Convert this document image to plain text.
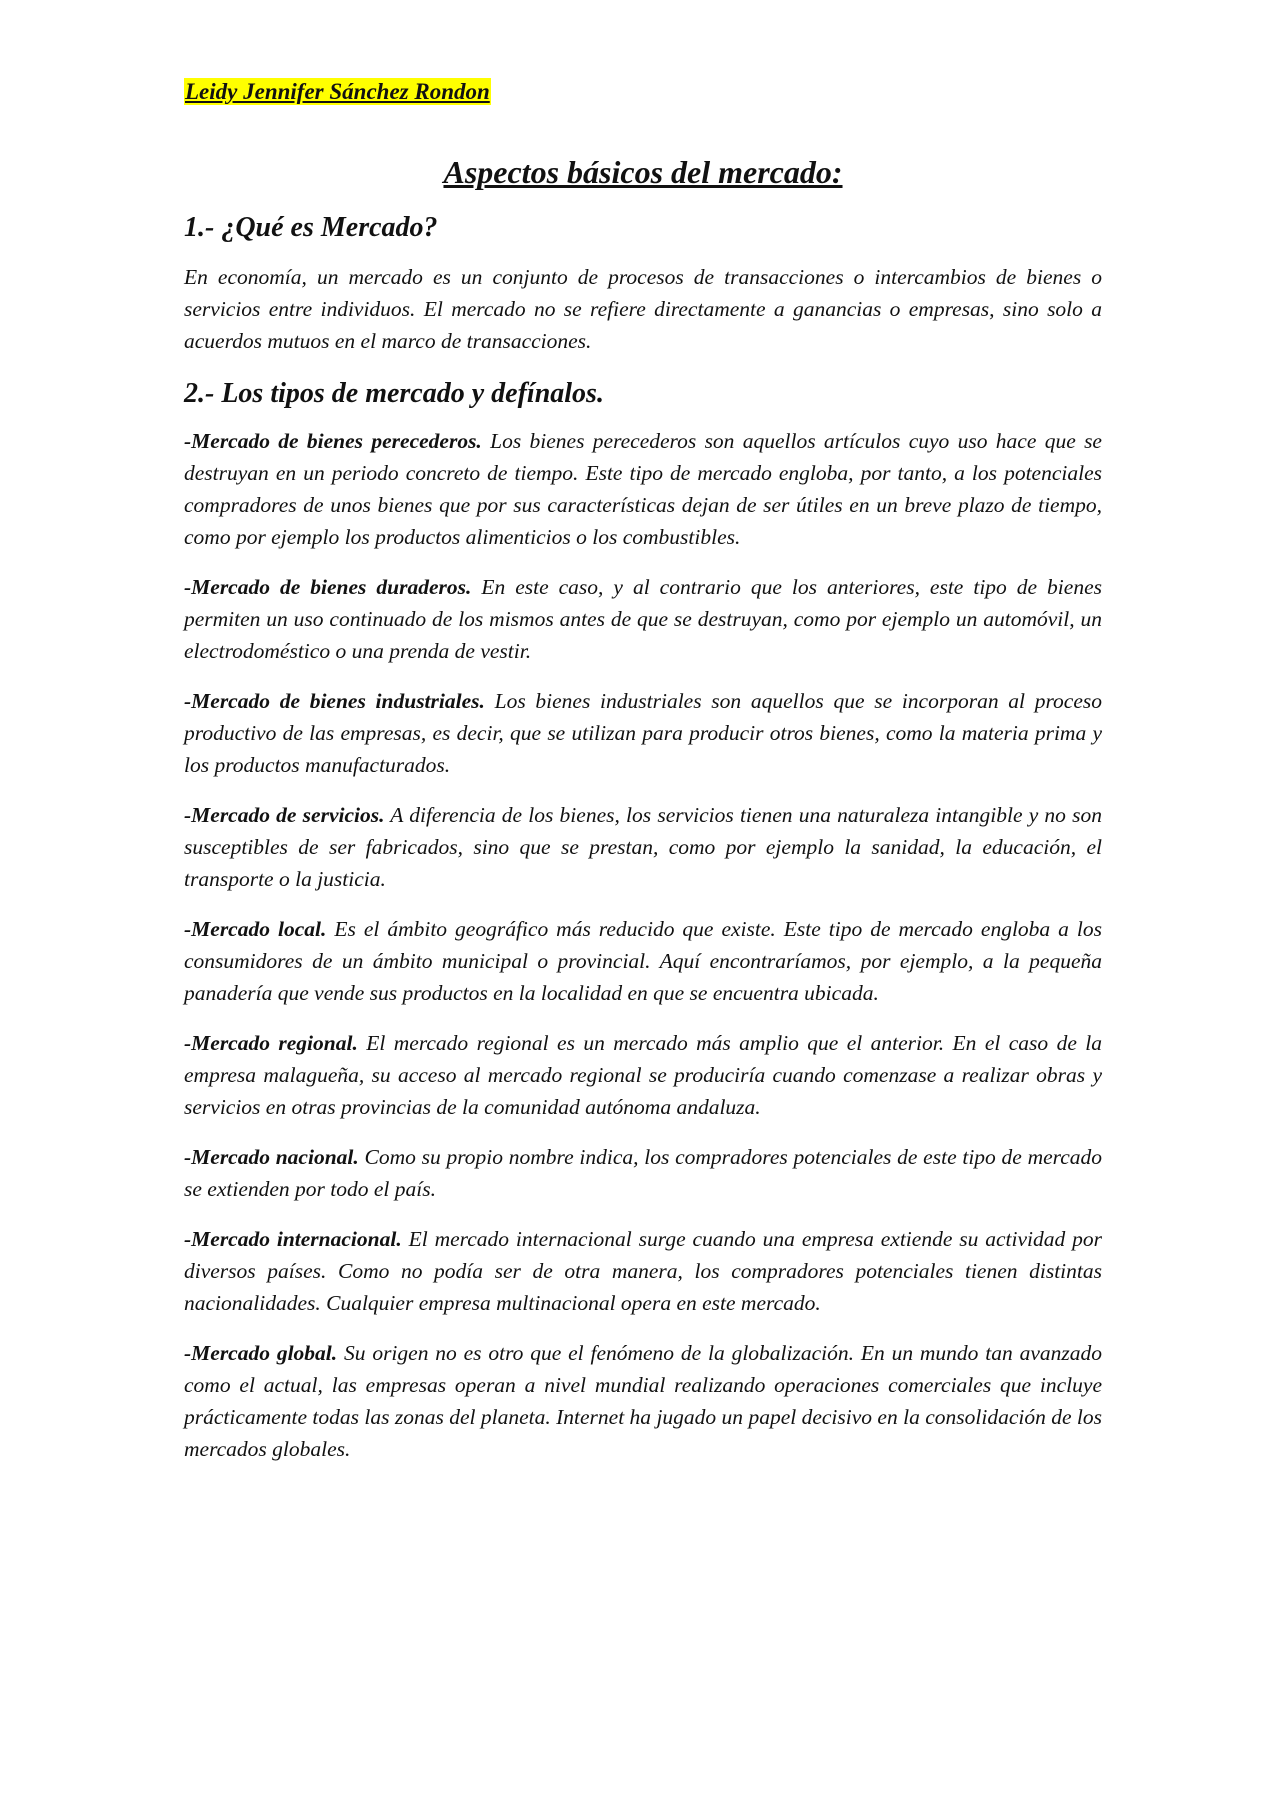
Leidy Jennifer Sánchez Rondon
Aspectos básicos del mercado:
1.- ¿Qué es Mercado?

En economía, un mercado es un conjunto de procesos de transacciones o intercambios de bienes o servicios entre individuos. El mercado no se refiere directamente a ganancias o empresas, sino solo a acuerdos mutuos en el marco de transacciones.

2.- Los tipos de mercado y defínalos.

-Mercado de bienes perecederos. Los bienes perecederos son aquellos artículos cuyo uso hace que se destruyan en un periodo concreto de tiempo. Este tipo de mercado engloba, por tanto, a los potenciales compradores de unos bienes que por sus características dejan de ser útiles en un breve plazo de tiempo, como por ejemplo los productos alimenticios o los combustibles.

-Mercado de bienes duraderos. En este caso, y al contrario que los anteriores, este tipo de bienes permiten un uso continuado de los mismos antes de que se destruyan, como por ejemplo un automóvil, un electrodoméstico o una prenda de vestir.

-Mercado de bienes industriales. Los bienes industriales son aquellos que se incorporan al proceso productivo de las empresas, es decir, que se utilizan para producir otros bienes, como la materia prima y los productos manufacturados.

-Mercado de servicios. A diferencia de los bienes, los servicios tienen una naturaleza intangible y no son susceptibles de ser fabricados, sino que se prestan, como por ejemplo la sanidad, la educación, el transporte o la justicia.

-Mercado local. Es el ámbito geográfico más reducido que existe. Este tipo de mercado engloba a los consumidores de un ámbito municipal o provincial. Aquí encontraríamos, por ejemplo, a la pequeña panadería que vende sus productos en la localidad en que se encuentra ubicada.

-Mercado regional. El mercado regional es un mercado más amplio que el anterior. En el caso de la empresa malagueña, su acceso al mercado regional se produciría cuando comenzase a realizar obras y servicios en otras provincias de la comunidad autónoma andaluza.

-Mercado nacional. Como su propio nombre indica, los compradores potenciales de este tipo de mercado se extienden por todo el país.

-Mercado internacional. El mercado internacional surge cuando una empresa extiende su actividad por diversos países. Como no podía ser de otra manera, los compradores potenciales tienen distintas nacionalidades. Cualquier empresa multinacional opera en este mercado.

-Mercado global. Su origen no es otro que el fenómeno de la globalización. En un mundo tan avanzado como el actual, las empresas operan a nivel mundial realizando operaciones comerciales que incluye prácticamente todas las zonas del planeta. Internet ha jugado un papel decisivo en la consolidación de los mercados globales.
